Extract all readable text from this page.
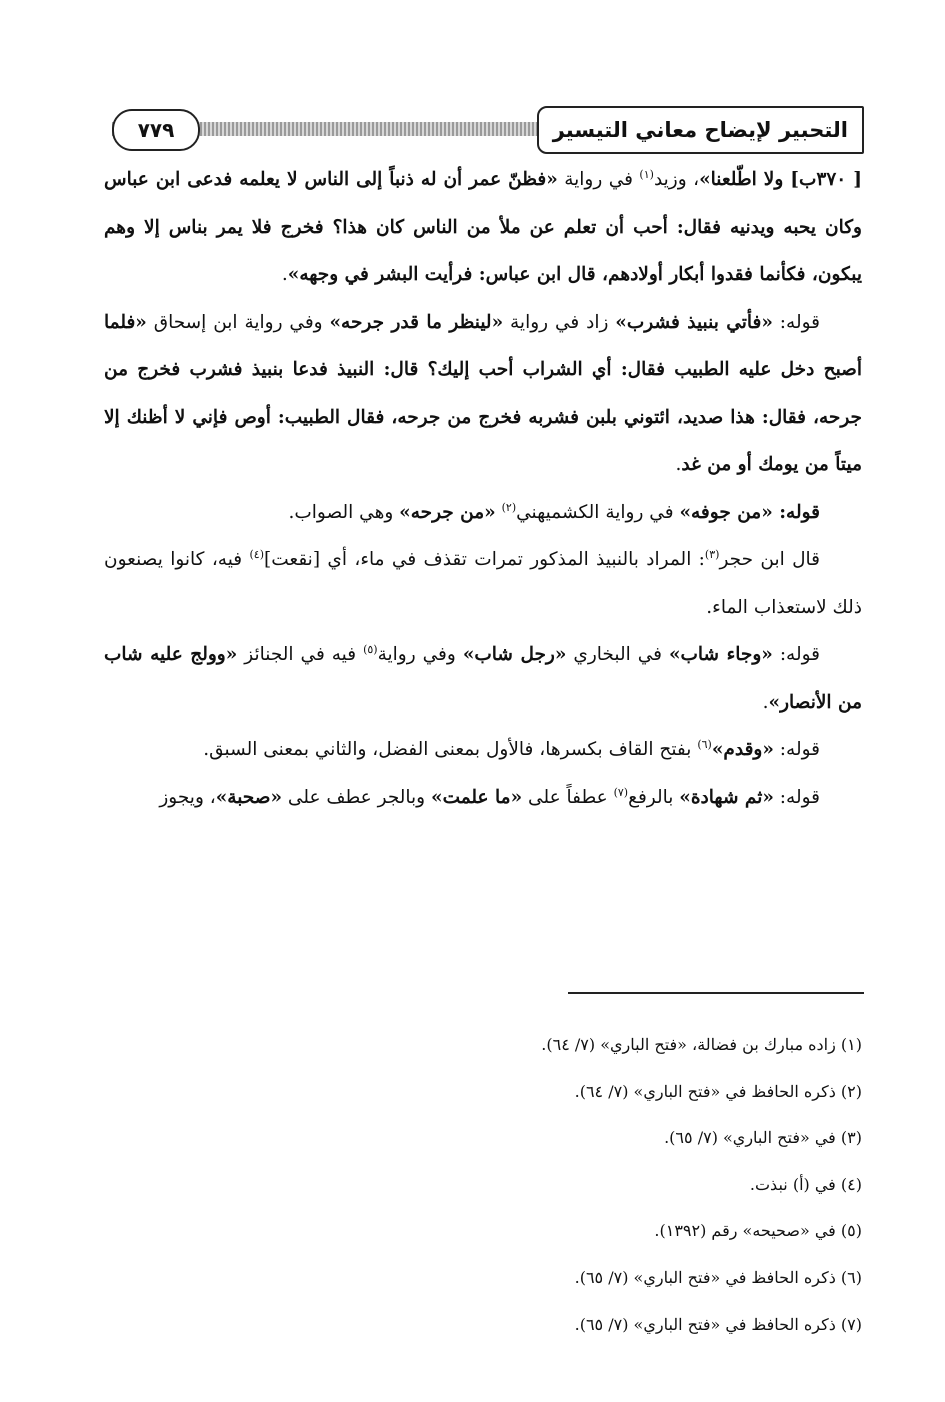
٧٧٩	التحبير لإيضاح معاني التيسير

[ ٣٧٠ب] ولا اطّلعنا»، وزيد$^{(١)}$ في رواية «فظنّ عمر أن له ذنباً إلى الناس لا يعلمه فدعى ابن عباس وكان يحبه ويدنيه فقال: أحب أن تعلم عن ملأ من الناس كان هذا؟ فخرج فلا يمر بناس إلا وهم يبكون، فكأنما فقدوا أبكار أولادهم، قال ابن عباس: فرأيت البشر في وجهه».

قوله: «فأتي بنبيذ فشرب» زاد في رواية «لينظر ما قدر جرحه» وفي رواية ابن إسحاق «فلما أصبح دخل عليه الطبيب فقال: أي الشراب أحب إليك؟ قال: النبيذ فدعا بنبيذ فشرب فخرج من جرحه، فقال: هذا صديد، ائتوني بلبن فشربه فخرج من جرحه، فقال الطبيب: أوص فإني لا أظنك إلا ميتاً من يومك أو من غد.

قوله: «من جوفه» في رواية الكشميهني$^{(٢)}$ «من جرحه» وهي الصواب.

قال ابن حجر$^{(٣)}$: المراد بالنبيذ المذكور تمرات تقذف في ماء، أي [نقعت]$^{(٤)}$ فيه، كانوا يصنعون ذلك لاستعذاب الماء.

قوله: «وجاء شاب» في البخاري «رجل شاب» وفي رواية$^{(٥)}$ فيه في الجنائز «وولج عليه شاب من الأنصار».

قوله: «وقدم»$^{(٦)}$ بفتح القاف بكسرها، فالأول بمعنى الفضل، والثاني بمعنى السبق.

قوله: «ثم شهادة» بالرفع$^{(٧)}$ عطفاً على «ما علمت» وبالجر عطف على «صحبة»، ويجوز

(١) زاده مبارك بن فضالة، «فتح الباري» (٧/ ٦٤).

(٢) ذكره الحافظ في «فتح الباري» (٧/ ٦٤).

(٣) في «فتح الباري» (٧/ ٦٥).

(٤) في (أ) نبذت.

(٥) في «صحيحه» رقم (١٣٩٢).

(٦) ذكره الحافظ في «فتح الباري» (٧/ ٦٥).

(٧) ذكره الحافظ في «فتح الباري» (٧/ ٦٥).
